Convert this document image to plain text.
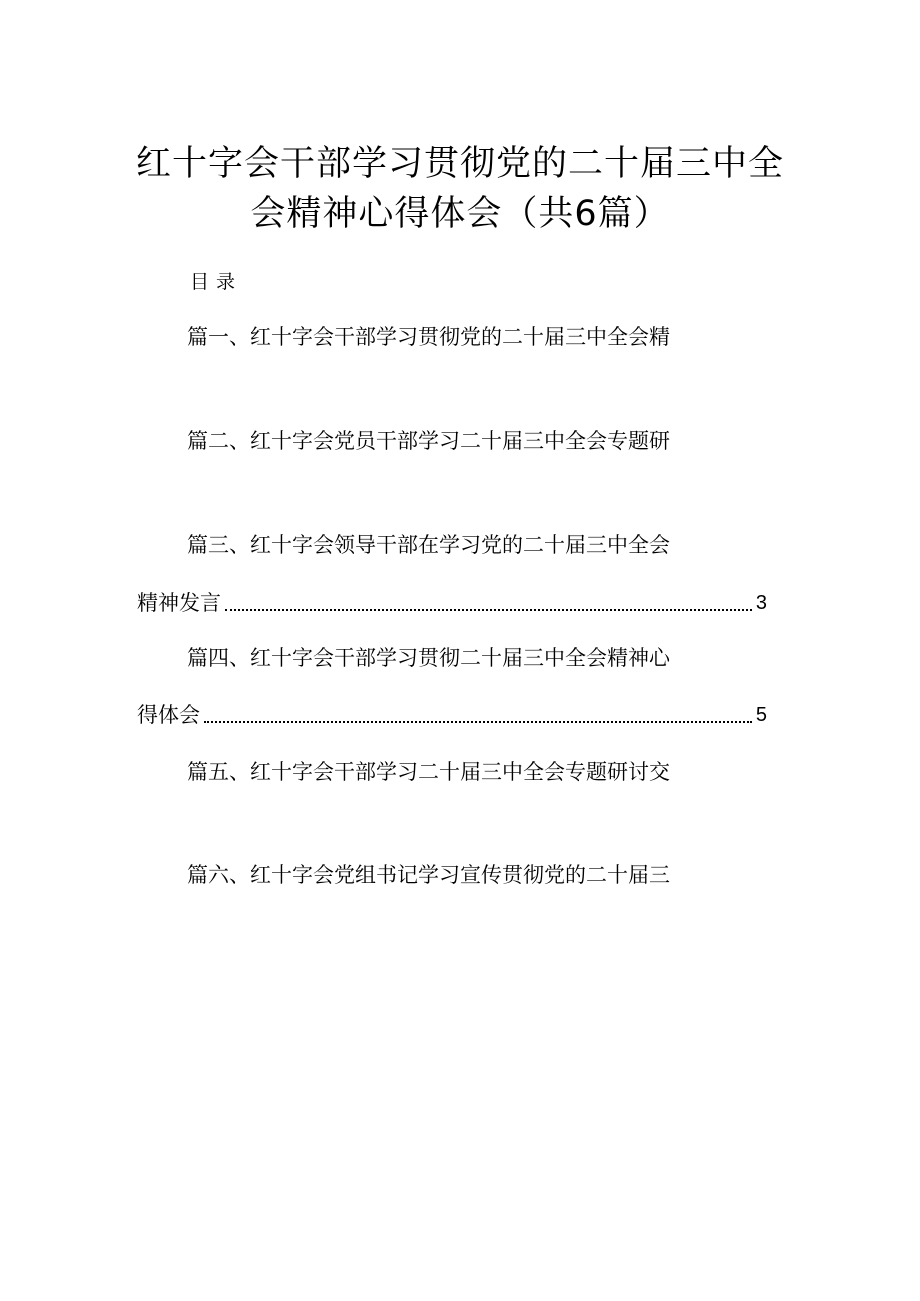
红十字会干部学习贯彻党的二十届三中全
会精神心得体会（共6篇）
目录
篇一、红十字会干部学习贯彻党的二十届三中全会精
篇二、红十字会党员干部学习二十届三中全会专题研
篇三、红十字会领导干部在学习党的二十届三中全会
精神发言	3
篇四、红十字会干部学习贯彻二十届三中全会精神心
得体会	5
篇五、红十字会干部学习二十届三中全会专题研讨交
篇六、红十字会党组书记学习宣传贯彻党的二十届三
